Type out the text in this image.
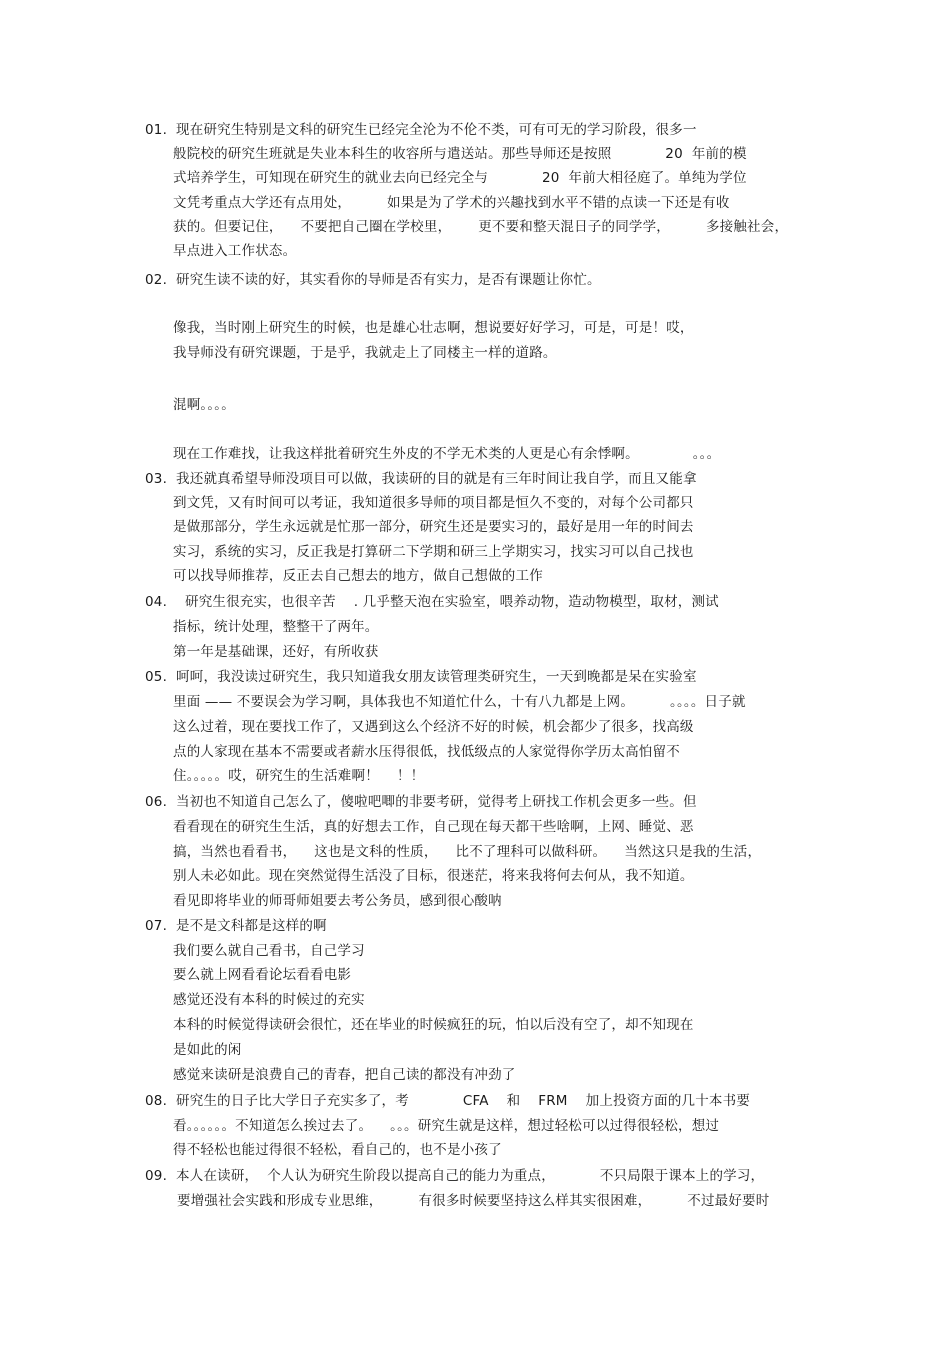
01.  现在研究生特别是文科的研究生已经完全沦为不伦不类，可有可无的学习阶段，很多一
般院校的研究生班就是失业本科生的收容所与遣送站。那些导师还是按照            20  年前的模
式培养学生，可知现在研究生的就业去向已经完全与            20  年前大相径庭了。单纯为学位
文凭考重点大学还有点用处，        如果是为了学术的兴趣找到水平不错的点读一下还是有收
获的。但要记住，    不要把自己圈在学校里，      更不要和整天混日子的同学学，        多接触社会，
早点进入工作状态。
02.  研究生读不读的好，其实看你的导师是否有实力，是否有课题让你忙。
像我，当时刚上研究生的时候，也是雄心壮志啊，想说要好好学习，可是，可是！哎，
我导师没有研究课题，于是乎，我就走上了同楼主一样的道路。
混啊。。。。
现在工作难找，让我这样批着研究生外皮的不学无术类的人更是心有余悸啊。            。。。
03.  我还就真希望导师没项目可以做，我读研的目的就是有三年时间让我自学，而且又能拿
到文凭，又有时间可以考证，我知道很多导师的项目都是恒久不变的，对每个公司都只
是做那部分，学生永远就是忙那一部分，研究生还是要实习的，最好是用一年的时间去
实习，系统的实习，反正我是打算研二下学期和研三上学期实习，找实习可以自己找也
可以找导师推荐，反正去自己想去的地方，做自己想做的工作
04.    研究生很充实，也很辛苦    . 几乎整天泡在实验室，喂养动物，造动物模型，取材，测试
指标，统计处理，整整干了两年。
第一年是基础课，还好，有所收获
05.  呵呵，我没读过研究生，我只知道我女朋友读管理类研究生，一天到晚都是呆在实验室
里面 —— 不要误会为学习啊，具体我也不知道忙什么，十有八九都是上网。        。。。。日子就
这么过着，现在要找工作了，又遇到这么个经济不好的时候，机会都少了很多，找高级
点的人家现在基本不需要或者薪水压得很低，找低级点的人家觉得你学历太高怕留不
住。。。。。哎，研究生的生活难啊！    ！！
06.  当初也不知道自己怎么了，傻啦吧唧的非要考研，觉得考上研找工作机会更多一些。但
看看现在的研究生生活，真的好想去工作，自己现在每天都干些啥啊，上网、睡觉、恶
搞，当然也看看书，    这也是文科的性质，    比不了理科可以做科研。    当然这只是我的生活，
别人未必如此。现在突然觉得生活没了目标，很迷茫，将来我将何去何从，我不知道。
看见即将毕业的师哥师姐要去考公务员，感到很心酸呐
07.  是不是文科都是这样的啊
我们要么就自己看书，自己学习
要么就上网看看论坛看看电影
感觉还没有本科的时候过的充实
本科的时候觉得读研会很忙，还在毕业的时候疯狂的玩，怕以后没有空了，却不知现在
是如此的闲
感觉来读研是浪费自己的青春，把自己读的都没有冲劲了
08.  研究生的日子比大学日子充实多了，考            CFA    和    FRM    加上投资方面的几十本书要
看。。。。。。不知道怎么挨过去了。    。。。研究生就是这样，想过轻松可以过得很轻松，想过
得不轻松也能过得很不轻松，看自己的，也不是小孩了
09.  本人在读研，  个人认为研究生阶段以提高自己的能力为重点，          不只局限于课本上的学习，
要增强社会实践和形成专业思维，        有很多时候要坚持这么样其实很困难，        不过最好要时
